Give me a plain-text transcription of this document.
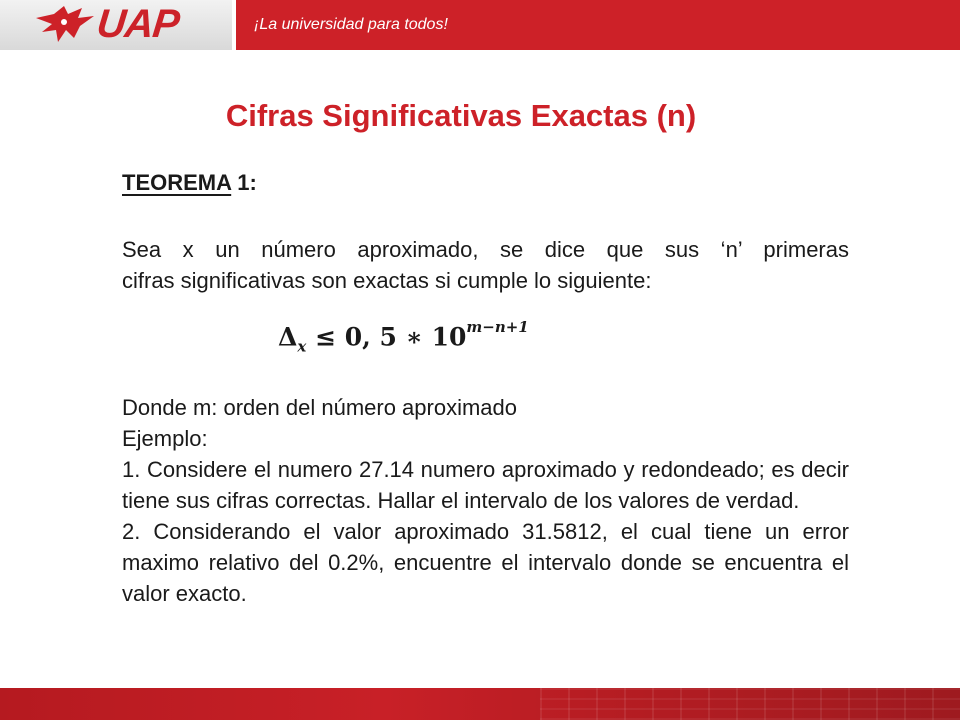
UAP	¡La universidad para todos!
Cifras Significativas Exactas (n)

TEOREMA 1:

Sea x un número aproximado, se dice que sus ‘n’ primeras

cifras significativas son exactas si cumple lo siguiente:

$\Delta_x \le 0$, 5 ∗ $10^{m-n+1}$

Donde m: orden del número aproximado

Ejemplo:

1. Considere el numero 27.14 numero aproximado y redondeado; es decir tiene sus cifras correctas. Hallar el intervalo de los valores de verdad.

2. Considerando el valor aproximado 31.5812, el cual tiene un error maximo relativo del 0.2%, encuentre el intervalo donde se encuentra el valor exacto.
